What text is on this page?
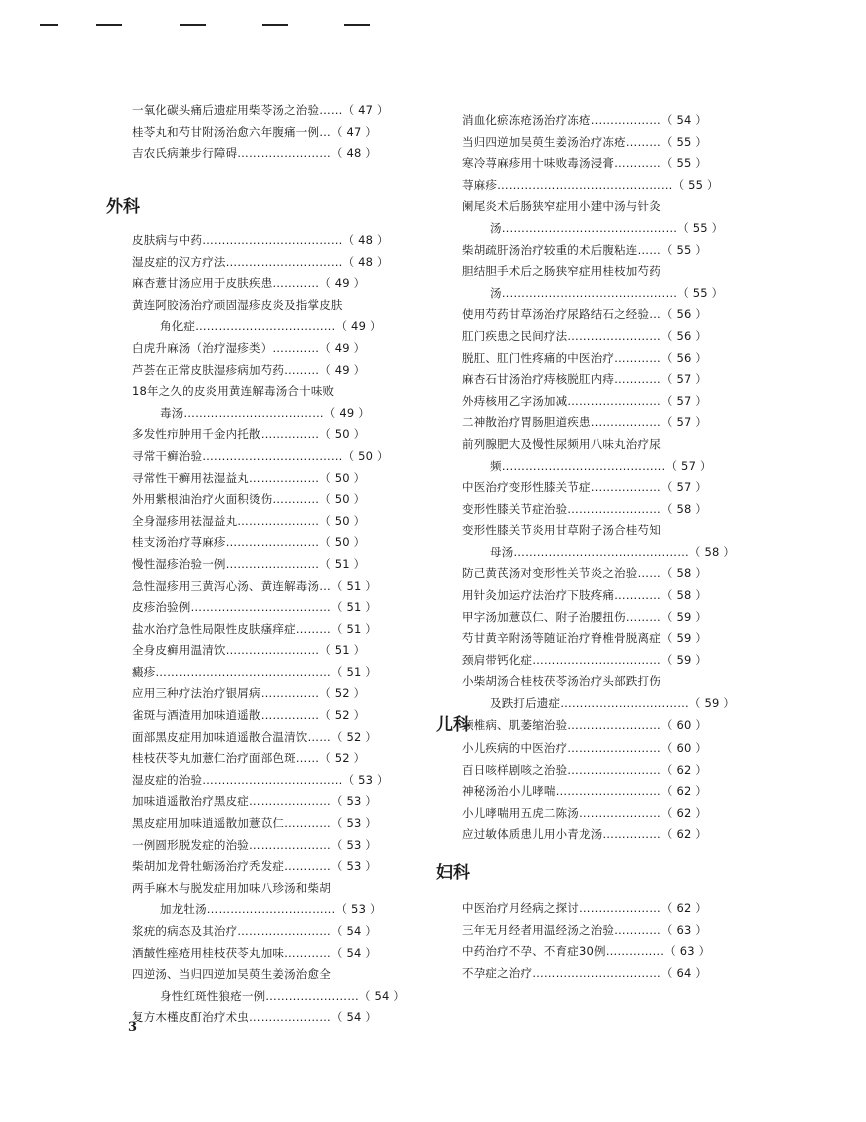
一氧化碳头痛后遗症用柴苓汤之治验……（ 47 ）
桂苓丸和芍甘附汤治愈六年腹痛一例…（ 47 ）
吉农氏病兼步行障碍……………………（ 48 ）
外科
皮肤病与中药………………………………（ 48 ）
湿皮症的汉方疗法…………………………（ 48 ）
麻杏薏甘汤应用于皮肤疾患…………（ 49 ）
黄连阿胶汤治疗顽固湿疹皮炎及指掌皮肤
角化症………………………………（ 49 ）
白虎升麻汤（治疗湿疹类）…………（ 49 ）
芦荟在正常皮肤湿疹病加芍药………（ 49 ）
18年之久的皮炎用黄连解毒汤合十味败
毒汤………………………………（ 49 ）
多发性疖肿用千金内托散……………（ 50 ）
寻常干癣治验………………………………（ 50 ）
寻常性干癣用祛湿益丸………………（ 50 ）
外用紫根油治疗火面积烫伤…………（ 50 ）
全身湿疹用祛湿益丸…………………（ 50 ）
桂支汤治疗荨麻疹……………………（ 50 ）
慢性湿疹治验一例……………………（ 51 ）
急性湿疹用三黄泻心汤、黄连解毒汤…（ 51 ）
皮疹治验例………………………………（ 51 ）
盐水治疗急性局限性皮肤瘙痒症………（ 51 ）
全身皮癣用温清饮……………………（ 51 ）
癜疹………………………………………（ 51 ）
应用三种疗法治疗银屑病……………（ 52 ）
雀斑与酒渣用加味逍遥散……………（ 52 ）
面部黑皮症用加味逍遥散合温清饮……（ 52 ）
桂枝茯苓丸加薏仁治疗面部色斑……（ 52 ）
湿皮症的治验………………………………（ 53 ）
加味逍遥散治疗黑皮症…………………（ 53 ）
黑皮症用加味逍遥散加薏苡仁…………（ 53 ）
一例圆形脱发症的治验…………………（ 53 ）
柴胡加龙骨牡蛎汤治疗秃发症…………（ 53 ）
两手麻木与脱发症用加味八珍汤和柴胡
加龙牡汤……………………………（ 53 ）
浆疣的病态及其治疗……………………（ 54 ）
酒皶性痤疮用桂枝茯苓丸加味…………（ 54 ）
四逆汤、当归四逆加吴萸生姜汤治愈全
身性红斑性狼疮一例……………………（ 54 ）
复方木槿皮酊治疗术虫…………………（ 54 ）
消血化瘀冻疮汤治疗冻疮………………（ 54 ）
当归四逆加吴萸生姜汤治疗冻疮………（ 55 ）
寒冷荨麻疹用十味败毒汤浸膏…………（ 55 ）
荨麻疹………………………………………（ 55 ）
阑尾炎术后肠狭窄症用小建中汤与针灸
汤………………………………………（ 55 ）
柴胡疏肝汤治疗较重的术后腹粘连……（ 55 ）
胆结胆手术后之肠狭窄症用桂枝加芍药
汤………………………………………（ 55 ）
使用芍药甘草汤治疗尿路结石之经验…（ 56 ）
肛门疾患之民间疗法……………………（ 56 ）
脱肛、肛门性疼痛的中医治疗…………（ 56 ）
麻杏石甘汤治疗痔核脱肛内痔…………（ 57 ）
外痔核用乙字汤加减……………………（ 57 ）
二神散治疗胃肠胆道疾患………………（ 57 ）
前列腺肥大及慢性尿频用八味丸治疗尿
频……………………………………（ 57 ）
中医治疗变形性膝关节症………………（ 57 ）
变形性膝关节症治验……………………（ 58 ）
变形性膝关节炎用甘草附子汤合桂芍知
母汤………………………………………（ 58 ）
防己黄芪汤对变形性关节炎之治验……（ 58 ）
用针灸加运疗法治疗下肢疼痛…………（ 58 ）
甲字汤加薏苡仁、附子治腰扭伤………（ 59 ）
芍甘黄辛附汤等随证治疗脊椎骨脱离症（ 59 ）
颈肩带钙化症……………………………（ 59 ）
小柴胡汤合桂枝茯苓汤治疗头部跌打伤
及跌打后遗症……………………………（ 59 ）
颈椎病、肌萎缩治验……………………（ 60 ）
儿科
小儿疾病的中医治疗……………………（ 60 ）
百日咳样剧咳之治验……………………（ 62 ）
神秘汤治小儿哮喘………………………（ 62 ）
小儿哮喘用五虎二陈汤…………………（ 62 ）
应过敏体质患儿用小青龙汤……………（ 62 ）
妇科
中医治疗月经病之探讨…………………（ 62 ）
三年无月经者用温经汤之治验…………（ 63 ）
中药治疗不孕、不育症30例……………（ 63 ）
不孕症之治疗……………………………（ 64 ）
3
